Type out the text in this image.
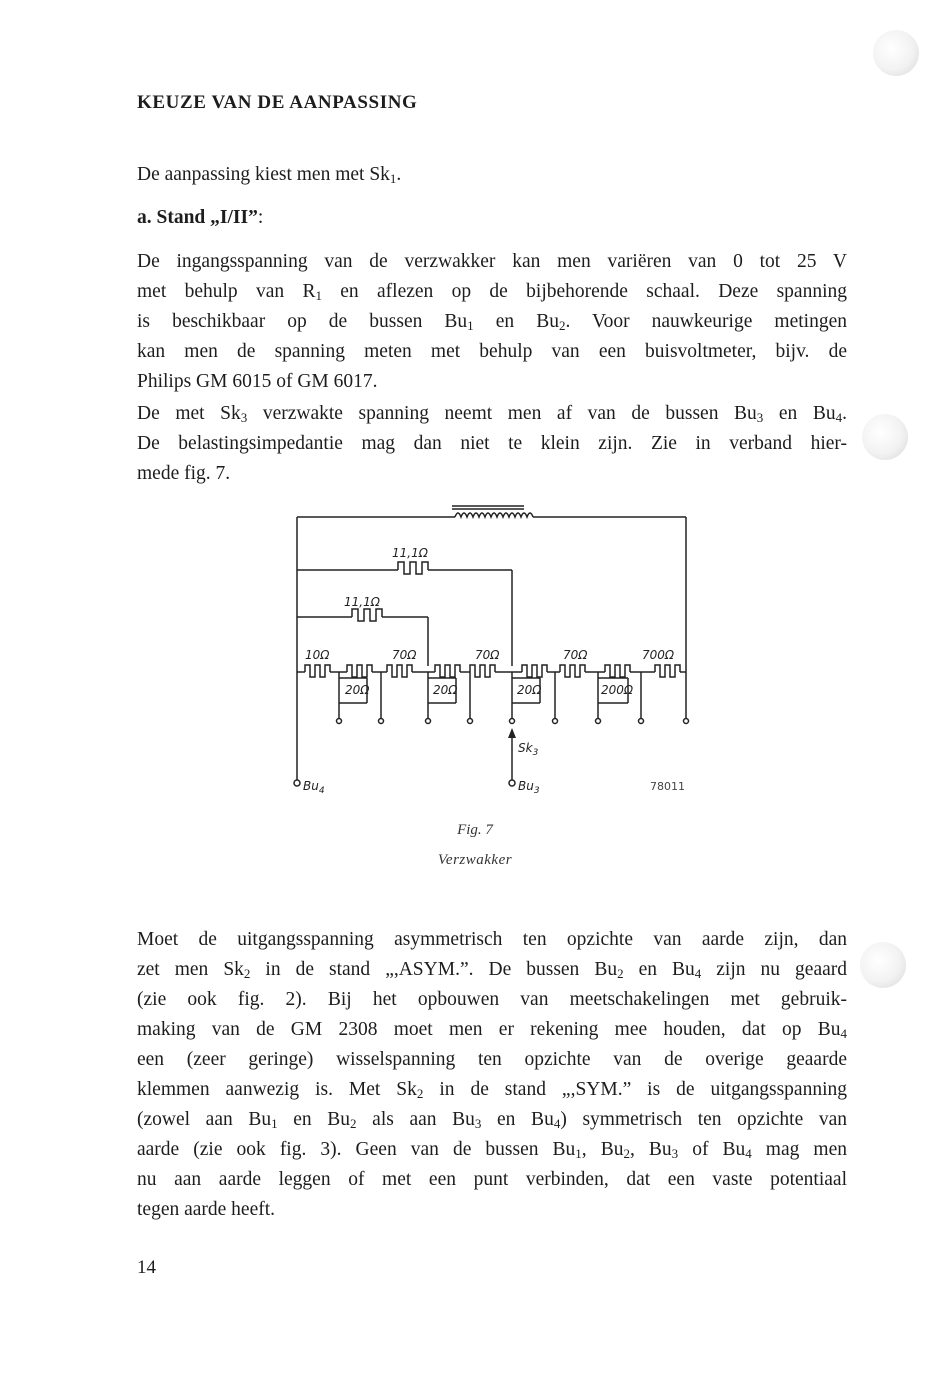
KEUZE VAN DE AANPASSING
De aanpassing kiest men met $Sk_1$.
a. Stand „I/II”:
De ingangsspanning van de verzwakker kan men variëren van 0 tot 25 V
met behulp van $R_1$ en aflezen op de bijbehorende schaal. Deze spanning
is beschikbaar op de bussen $Bu_1$ en $Bu_2$. Voor nauwkeurige metingen
kan men de spanning meten met behulp van een buisvoltmeter, bijv. de
Philips GM 6015 of GM 6017.
De met $Sk_3$ verzwakte spanning neemt men af van de bussen $Bu_3$ en $Bu_4$.
De belastingsimpedantie mag dan niet te klein zijn. Zie in verband hier-
mede fig. 7.
11,1Ω
11,1Ω
10Ω	70Ω	70Ω	70Ω	700Ω
20Ω	20Ω	20Ω	200Ω
$Sk_3$
$Bu_4$	$Bu_3$	78011
Fig. 7
Verzwakker
Moet de uitgangsspanning asymmetrisch ten opzichte van aarde zijn, dan
zet men $Sk_2$ in de stand „,ASYM.”. De bussen $Bu_2$ en $Bu_4$ zijn nu geaard
(zie ook fig. 2). Bij het opbouwen van meetschakelingen met gebruik-
making van de GM 2308 moet men er rekening mee houden, dat op $Bu_4$
een (zeer geringe) wisselspanning ten opzichte van de overige geaarde
klemmen aanwezig is. Met $Sk_2$ in de stand „,SYM.” is de uitgangsspanning
(zowel aan $Bu_1$ en $Bu_2$ als aan $Bu_3$ en $Bu_4$) symmetrisch ten opzichte van
aarde (zie ook fig. 3). Geen van de bussen $Bu_1$, $Bu_2$, $Bu_3$ of $Bu_4$ mag men
nu aan aarde leggen of met een punt verbinden, dat een vaste potentiaal
tegen aarde heeft.
14
